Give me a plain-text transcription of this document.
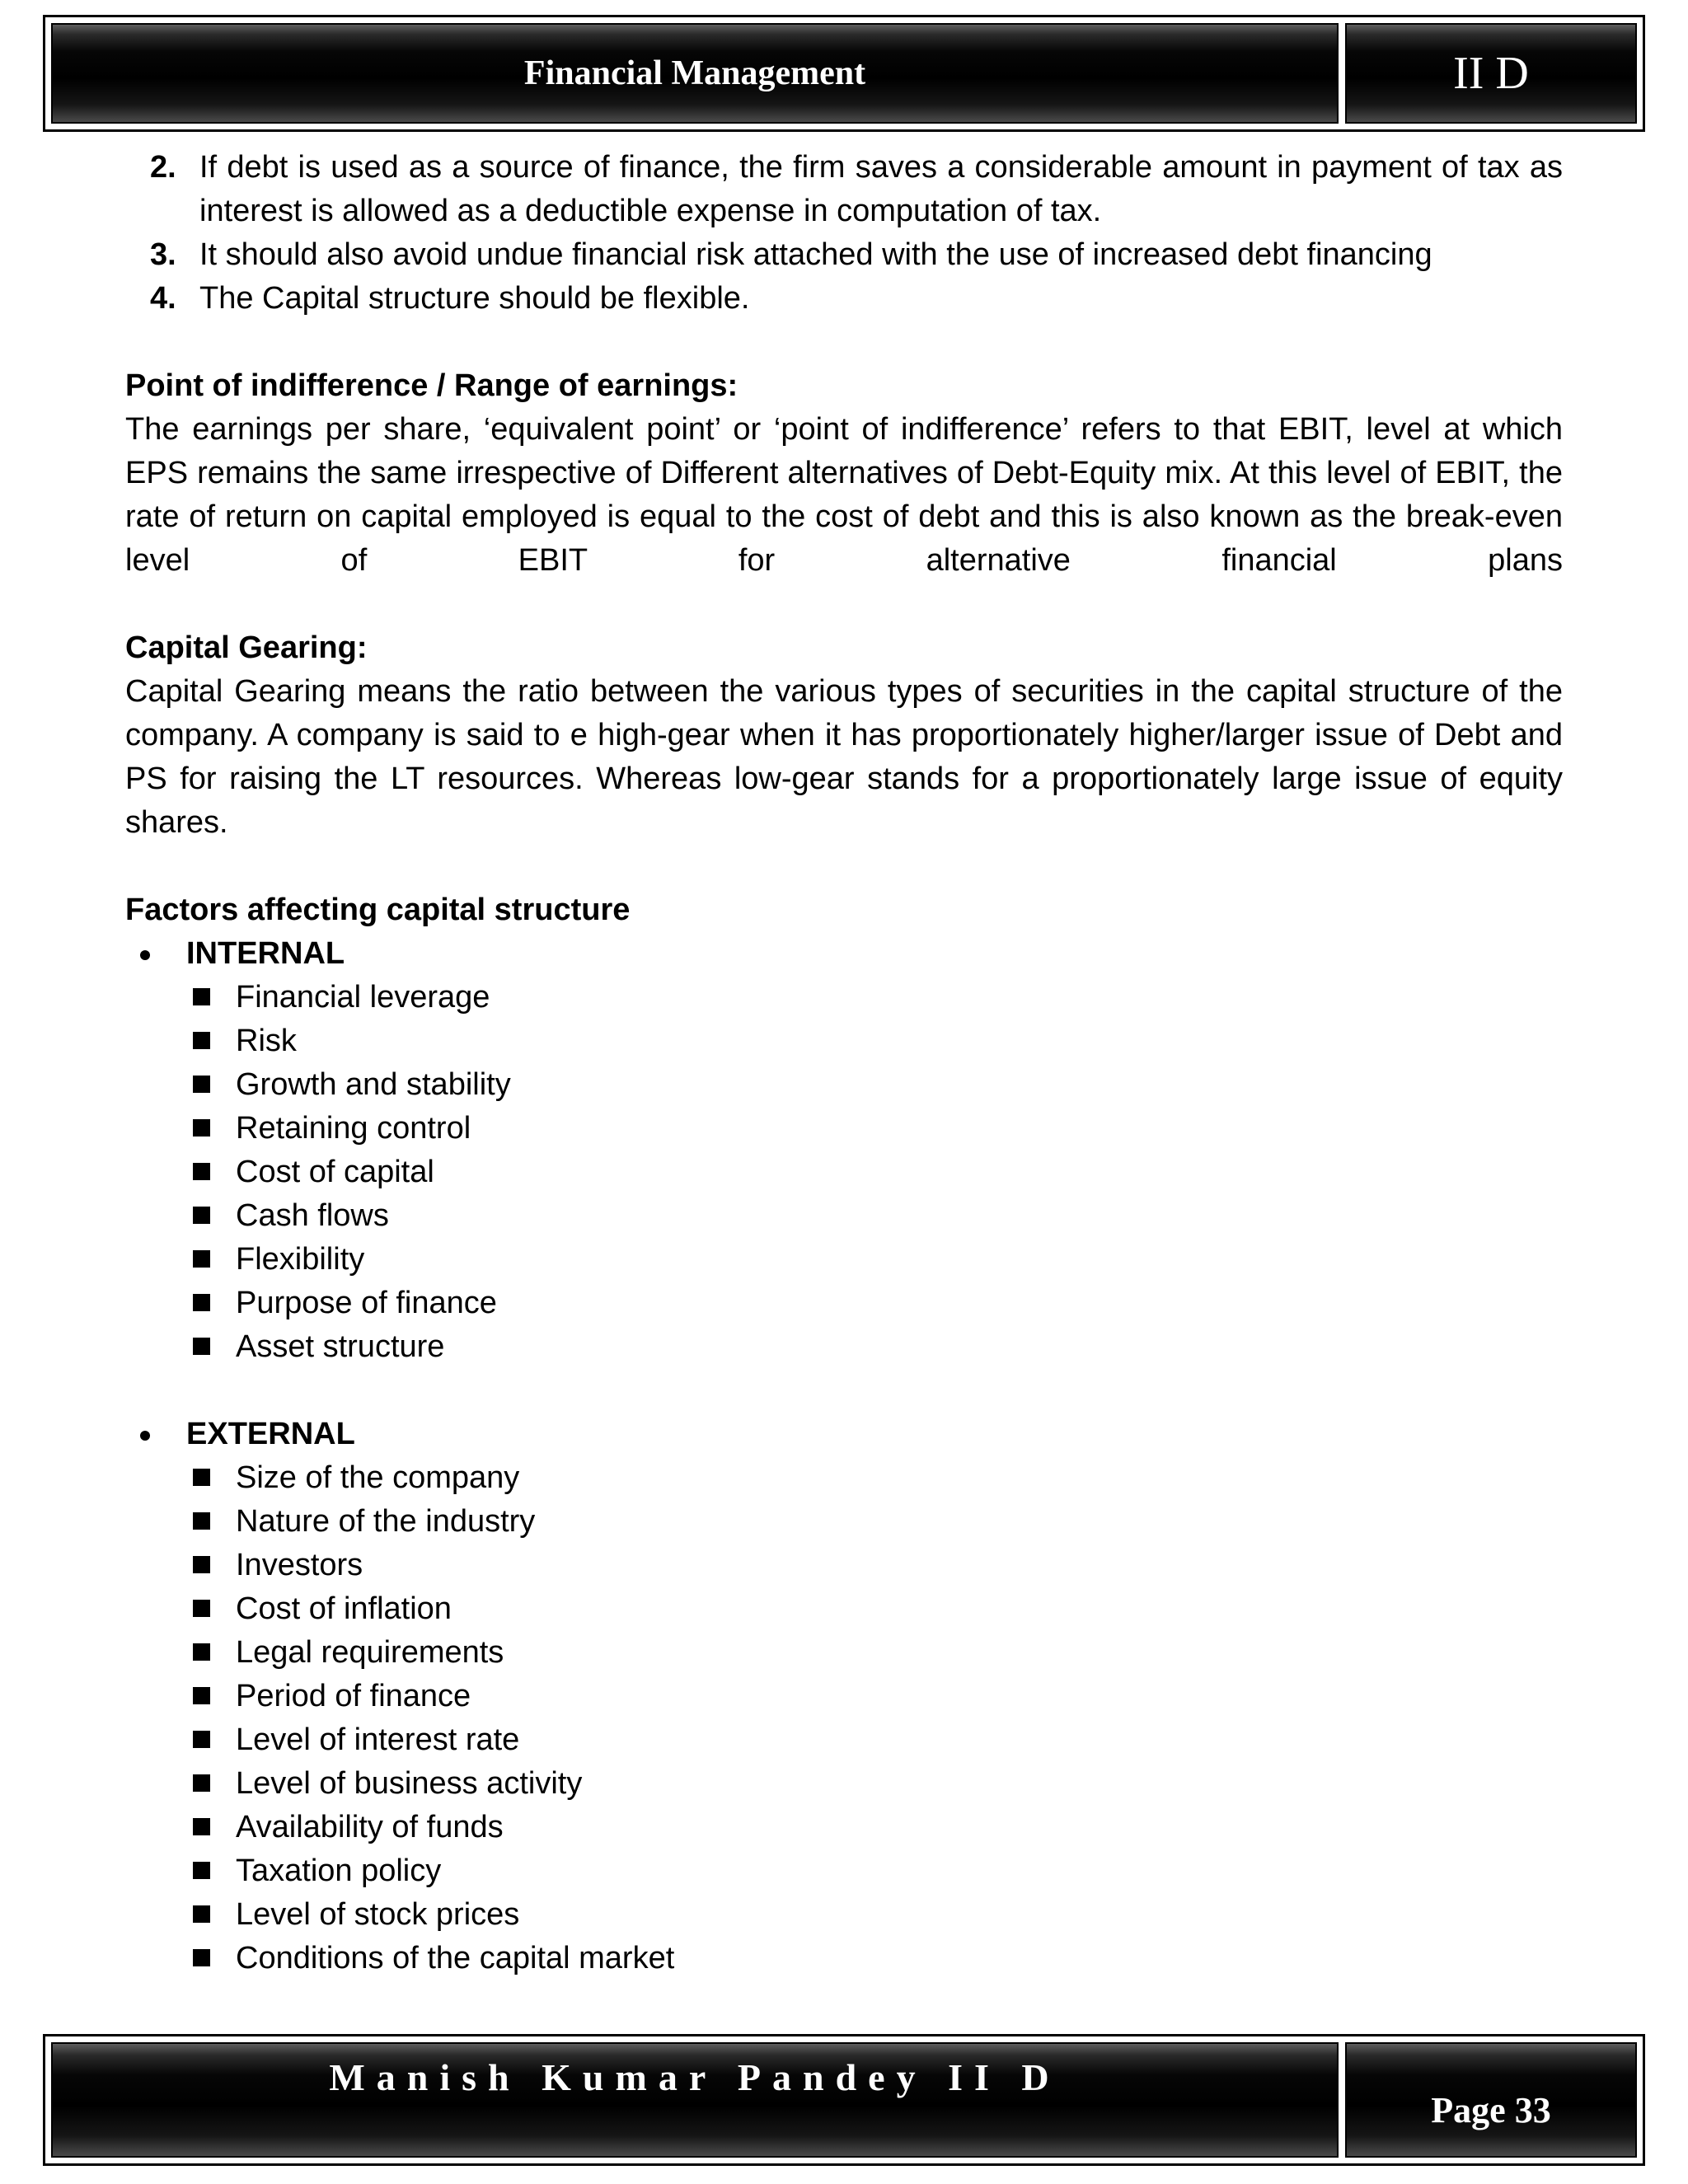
Financial Management	II D
2. If debt is used as a source of finance, the firm saves a considerable amount in payment of tax as interest is allowed as a deductible expense in computation of tax.
3. It should also avoid undue financial risk attached with the use of increased debt financing
4. The Capital structure should be flexible.
Point of indifference / Range of earnings:
The earnings per share, ‘equivalent point’ or ‘point of indifference’ refers to that EBIT, level at which EPS remains the same irrespective of Different alternatives of Debt-Equity mix. At this level of EBIT, the rate of return on capital employed is equal to the cost of debt and this is also known as the break-even level of EBIT for alternative financial plans
Capital Gearing:
Capital Gearing means the ratio between the various types of securities in the capital structure of the company. A company is said to e high-gear when it has proportionately higher/larger issue of Debt and PS for raising the LT resources. Whereas low-gear stands for a proportionately large issue of equity shares.
Factors affecting capital structure
INTERNAL
Financial leverage
Risk
Growth and stability
Retaining control
Cost of capital
Cash flows
Flexibility
Purpose of finance
Asset structure
EXTERNAL
Size of the company
Nature of the industry
Investors
Cost of inflation
Legal requirements
Period of finance
Level of interest rate
Level of business activity
Availability of funds
Taxation policy
Level of stock prices
Conditions of the capital market
Manish Kumar Pandey II D
Page 33
